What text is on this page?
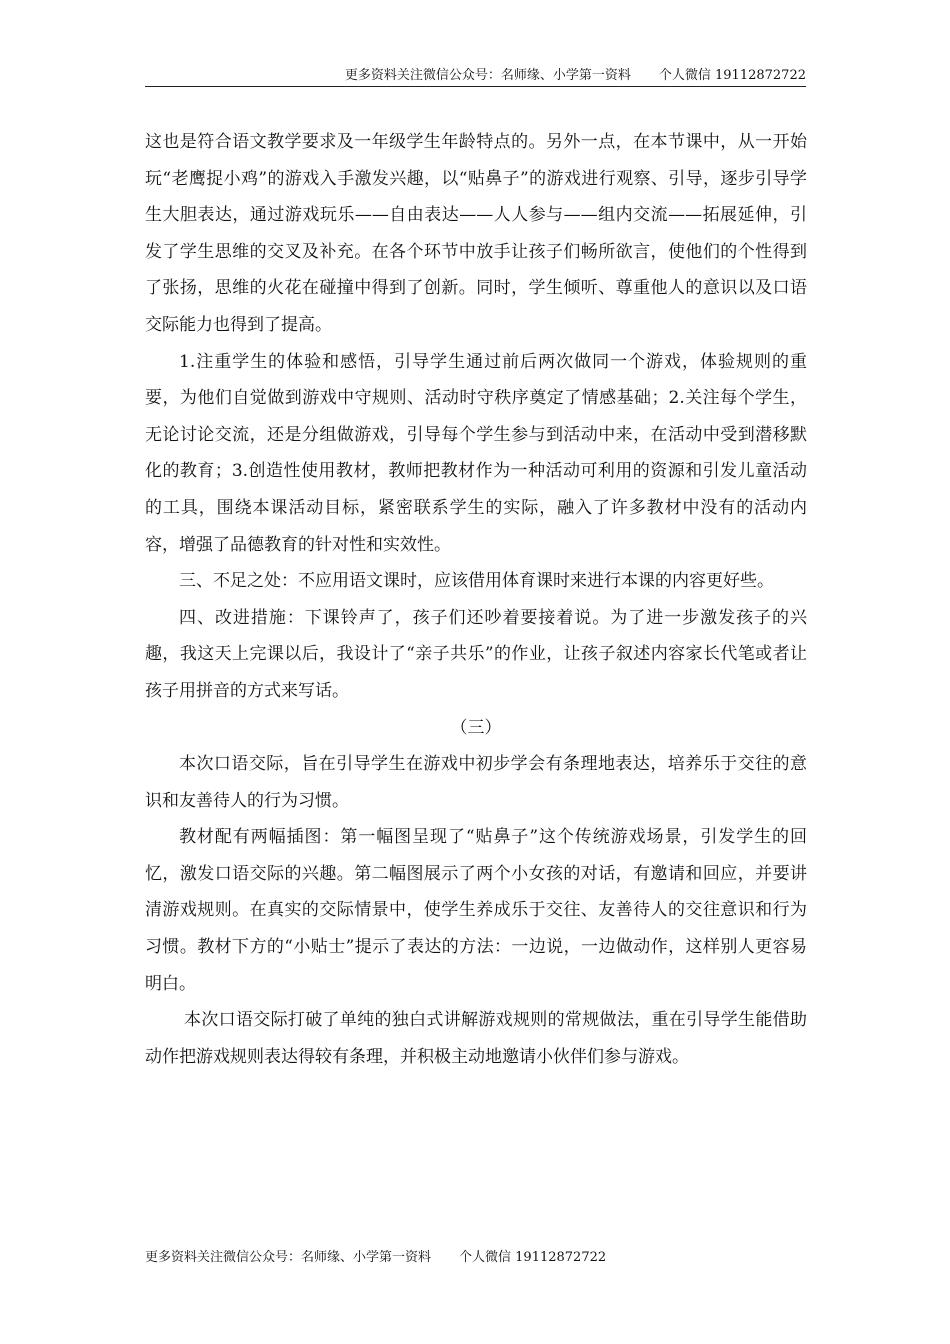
更多资料关注微信公众号：名师缘、小学第一资料 个人微信 19112872722

这也是符合语文教学要求及一年级学生年龄特点的。另外一点，在本节课中，从一开始玩“老鹰捉小鸡”的游戏入手激发兴趣，以“贴鼻子”的游戏进行观察、引导，逐步引导学生大胆表达，通过游戏玩乐——自由表达——人人参与——组内交流——拓展延伸，引发了学生思维的交叉及补充。在各个环节中放手让孩子们畅所欲言，使他们的个性得到了张扬，思维的火花在碰撞中得到了创新。同时，学生倾听、尊重他人的意识以及口语交际能力也得到了提高。

1.注重学生的体验和感悟，引导学生通过前后两次做同一个游戏，体验规则的重要，为他们自觉做到游戏中守规则、活动时守秩序奠定了情感基础；2.关注每个学生，无论讨论交流，还是分组做游戏，引导每个学生参与到活动中来，在活动中受到潜移默化的教育；3.创造性使用教材，教师把教材作为一种活动可利用的资源和引发儿童活动的工具，围绕本课活动目标，紧密联系学生的实际，融入了许多教材中没有的活动内容，增强了品德教育的针对性和实效性。

三、不足之处：不应用语文课时，应该借用体育课时来进行本课的内容更好些。

四、改进措施：下课铃声了，孩子们还吵着要接着说。为了进一步激发孩子的兴趣，我这天上完课以后，我设计了“亲子共乐”的作业，让孩子叙述内容家长代笔或者让孩子用拼音的方式来写话。

（三）

本次口语交际，旨在引导学生在游戏中初步学会有条理地表达，培养乐于交往的意识和友善待人的行为习惯。

教材配有两幅插图：第一幅图呈现了“贴鼻子”这个传统游戏场景，引发学生的回忆，激发口语交际的兴趣。第二幅图展示了两个小女孩的对话，有邀请和回应，并要讲清游戏规则。在真实的交际情景中，使学生养成乐于交往、友善待人的交往意识和行为习惯。教材下方的“小贴士”提示了表达的方法：一边说，一边做动作，这样别人更容易明白。

本次口语交际打破了单纯的独白式讲解游戏规则的常规做法，重在引导学生能借助动作把游戏规则表达得较有条理，并积极主动地邀请小伙伴们参与游戏。

更多资料关注微信公众号：名师缘、小学第一资料 个人微信 19112872722
